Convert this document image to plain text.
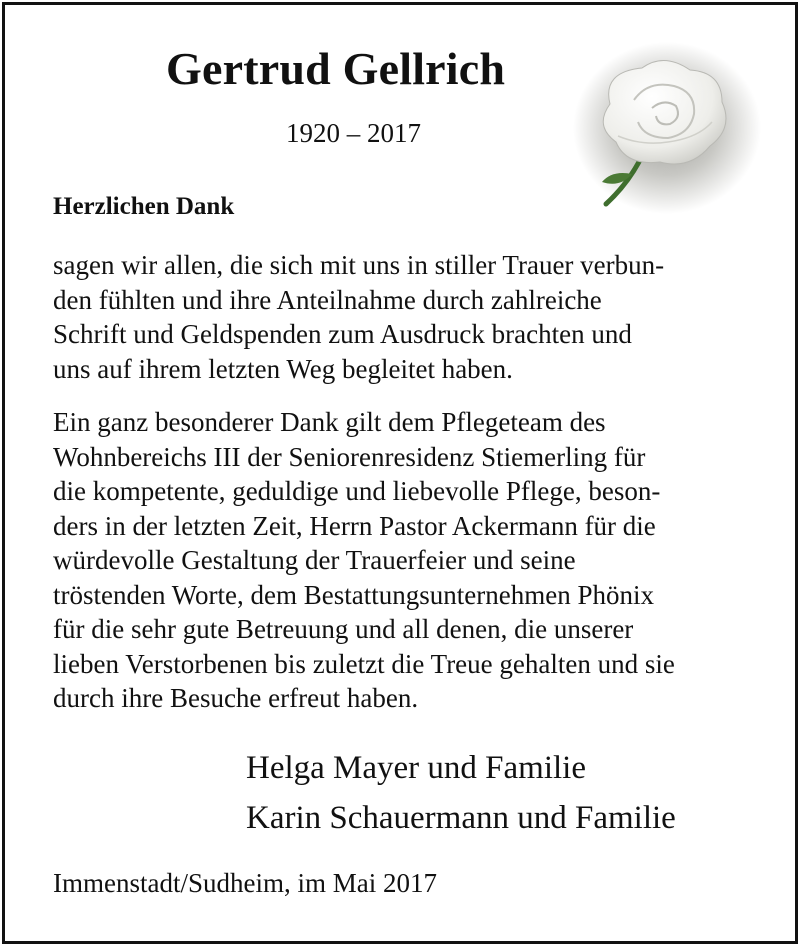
Gertrud Gellrich
1920 – 2017
Herzlichen Dank
sagen wir allen, die sich mit uns in stiller Trauer verbun-
den fühlten und ihre Anteilnahme durch zahlreiche
Schrift und Geldspenden zum Ausdruck brachten und
uns auf ihrem letzten Weg begleitet haben.
Ein ganz besonderer Dank gilt dem Pflegeteam des
Wohnbereichs III der Seniorenresidenz Stiemerling für
die kompetente, geduldige und liebevolle Pflege, beson-
ders in der letzten Zeit, Herrn Pastor Ackermann für die
würdevolle Gestaltung der Trauerfeier und seine
tröstenden Worte, dem Bestattungsunternehmen Phönix
für die sehr gute Betreuung und all denen, die unserer
lieben Verstorbenen bis zuletzt die Treue gehalten und sie
durch ihre Besuche erfreut haben.
Helga Mayer und Familie
Karin Schauermann und Familie
Immenstadt/Sudheim, im Mai 2017
